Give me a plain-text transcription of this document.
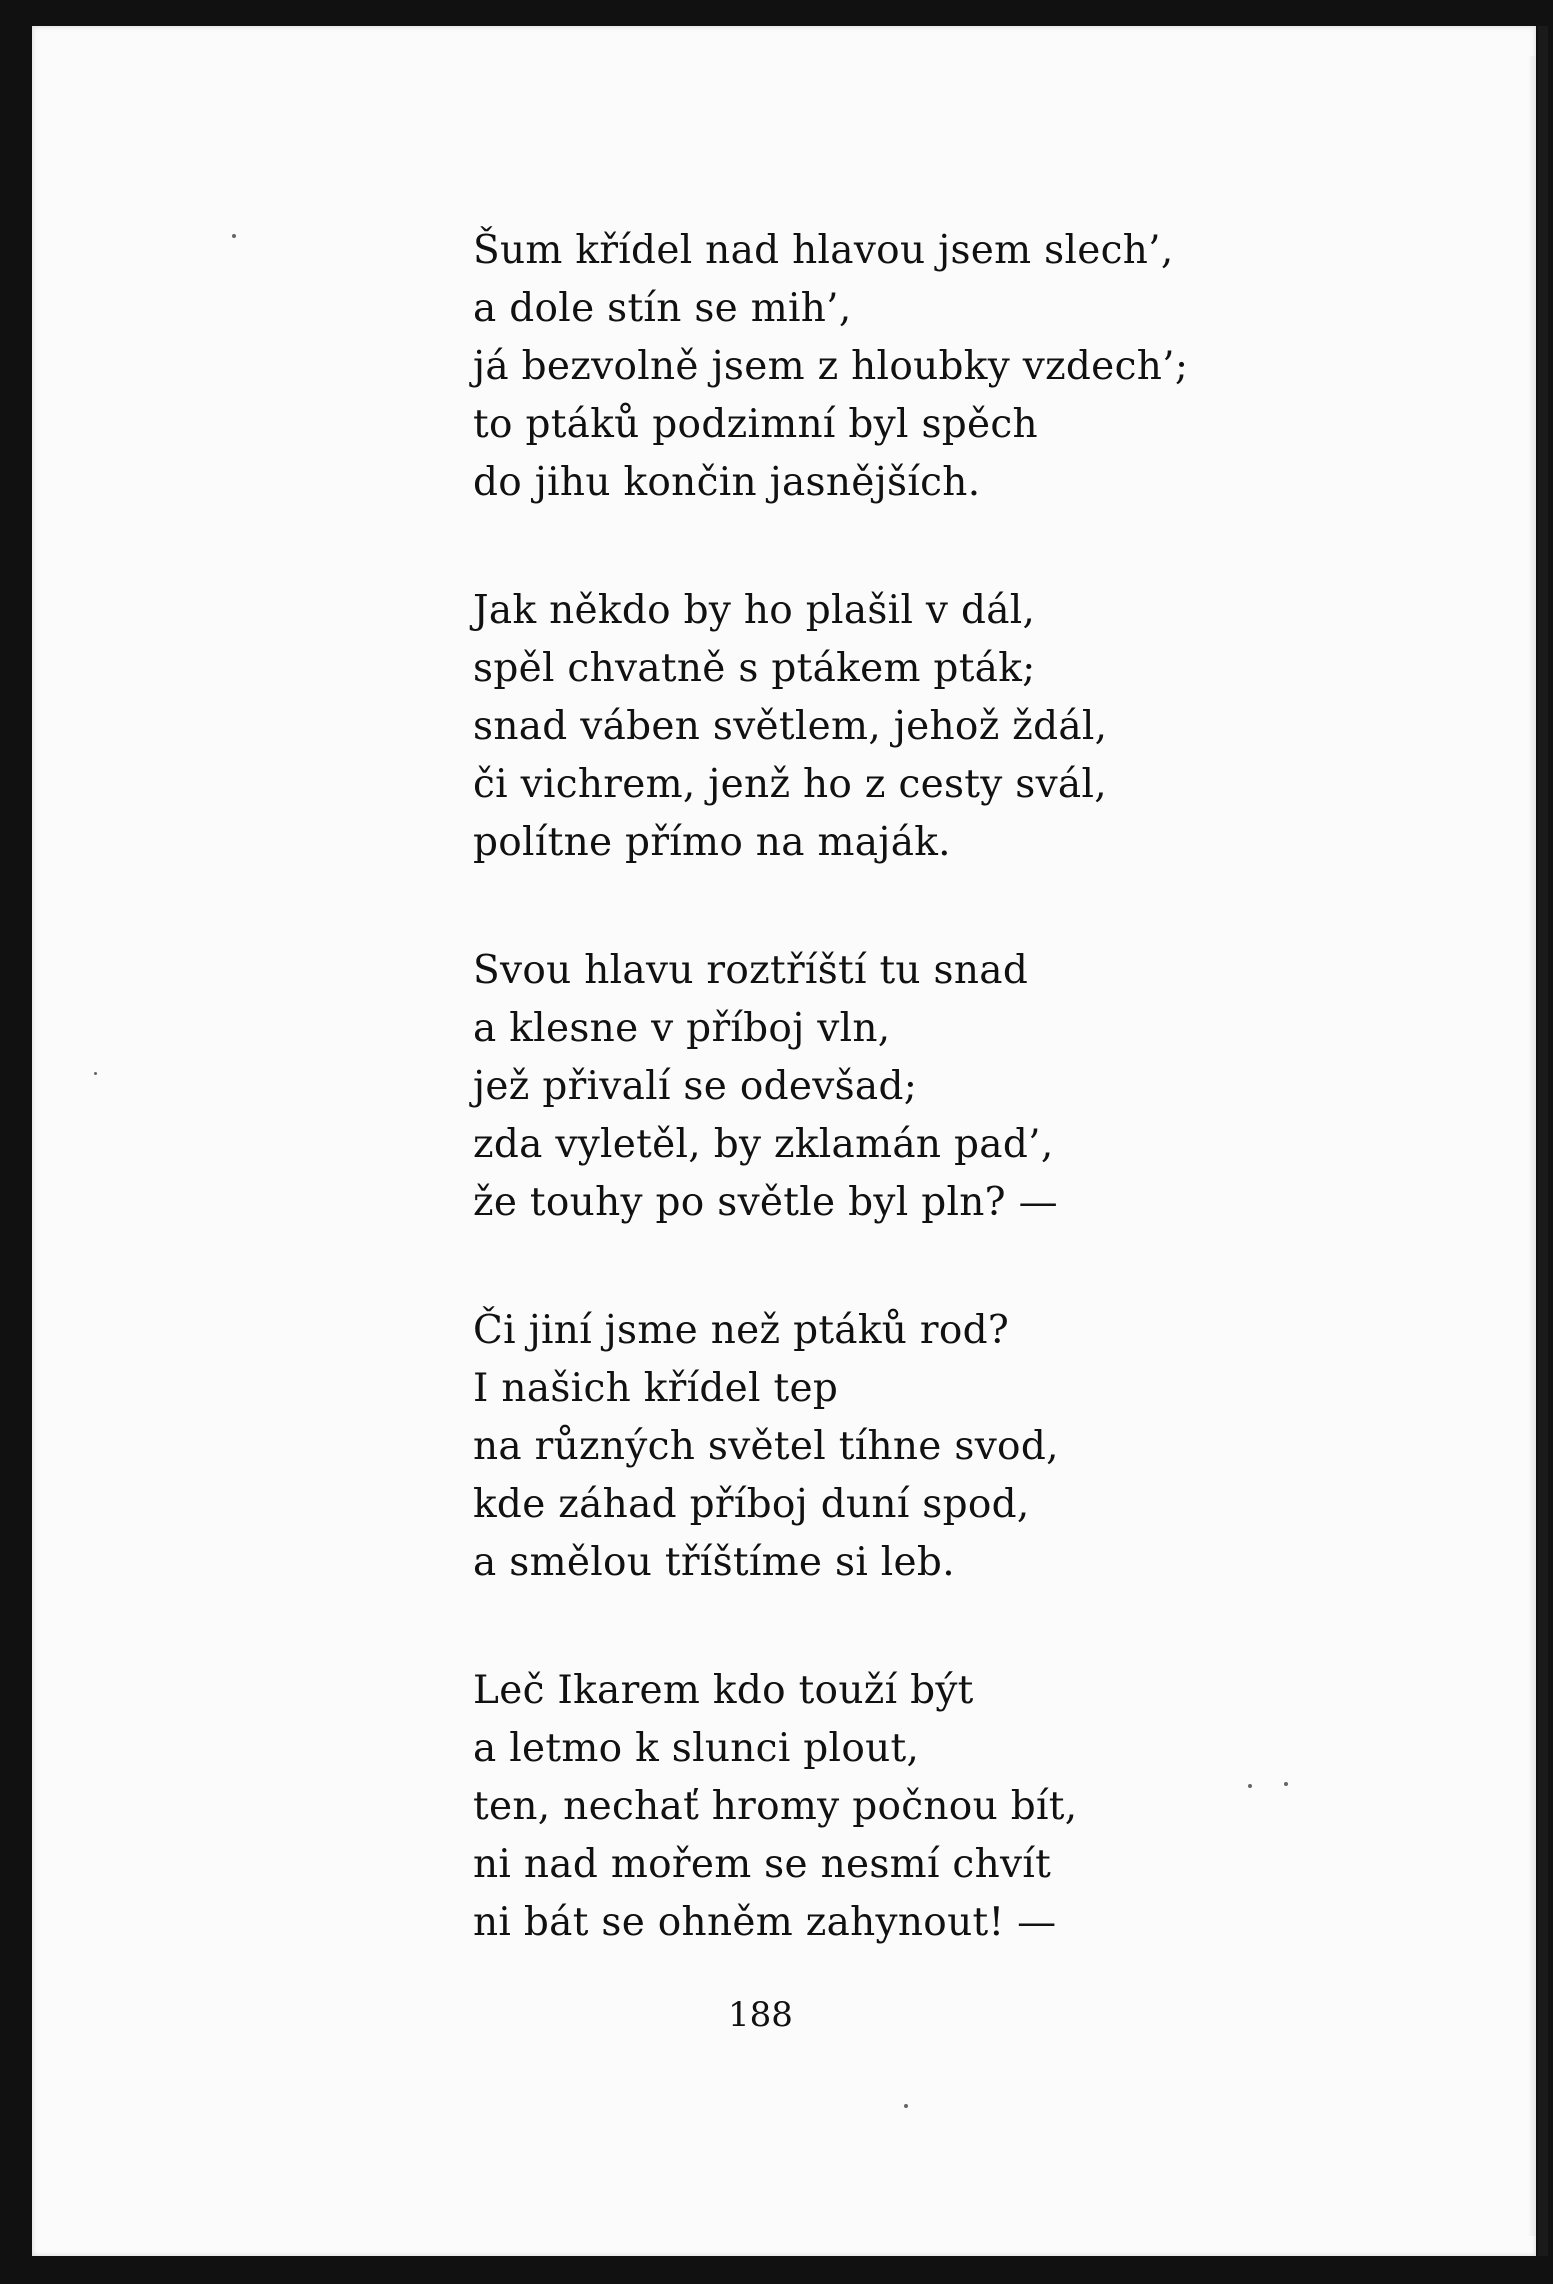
Šum křídel nad hlavou jsem slech’,
a dole stín se mih’,
já bezvolně jsem z hloubky vzdech’;
to ptáků podzimní byl spěch
do jihu končin jasnějších.
Jak někdo by ho plašil v dál,
spěl chvatně s ptákem pták;
snad váben světlem, jehož ždál,
či vichrem, jenž ho z cesty svál,
polítne přímo na maják.
Svou hlavu roztříští tu snad
a klesne v příboj vln,
jež přivalí se odevšad;
zda vyletěl, by zklamán pad’,
že touhy po světle byl pln? —
Či jiní jsme než ptáků rod?
I našich křídel tep
na různých světel tíhne svod,
kde záhad příboj duní spod,
a smělou tříštíme si leb.
Leč Ikarem kdo touží být
a letmo k slunci plout,
ten, nechať hromy počnou bít,
ni nad mořem se nesmí chvít
ni bát se ohněm zahynout! —
188
